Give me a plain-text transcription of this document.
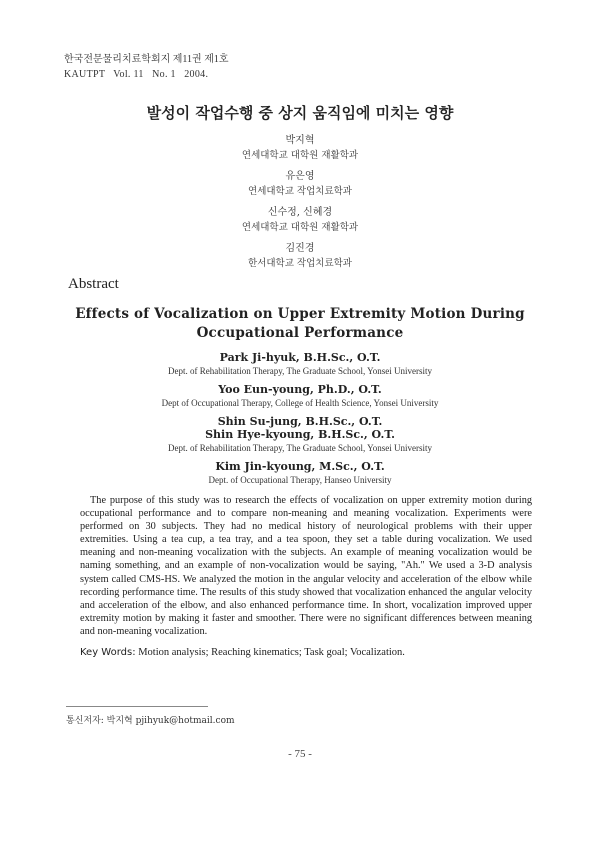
한국전문물리치료학회지 제11권 제1호
KAUTPT   Vol. 11   No. 1   2004.
발성이 작업수행 중 상지 움직임에 미치는 영향
박지혁
연세대학교 대학원 재활학과
유은영
연세대학교 작업치료학과
신수정, 신혜경
연세대학교 대학원 재활학과
김진경
한서대학교 작업치료학과
Abstract
Effects of Vocalization on Upper Extremity Motion During
Occupational Performance
Park Ji-hyuk, B.H.Sc., O.T.
Dept. of Rehabilitation Therapy, The Graduate School, Yonsei University
Yoo Eun-young, Ph.D., O.T.
Dept of Occupational Therapy, College of Health Science, Yonsei University
Shin Su-jung, B.H.Sc., O.T.
Shin Hye-kyoung, B.H.Sc., O.T.
Dept. of Rehabilitation Therapy, The Graduate School, Yonsei University
Kim Jin-kyoung, M.Sc., O.T.
Dept. of Occupational Therapy, Hanseo University
The purpose of this study was to research the effects of vocalization on upper extremity motion during occupational performance and to compare non-meaning and meaning vocalization. Experiments were performed on 30 subjects. They had no medical history of neurological problems with their upper extremities. Using a tea cup, a tea tray, and a tea spoon, they set a table during vocalization. We used meaning and non-meaning vocalization with the subjects. An example of meaning vocalization would be naming something, and an example of non-vocalization would be saying, "Ah." We used a 3-D analysis system called CMS-HS. We analyzed the motion in the angular velocity and acceleration of the elbow while recording performance time. The results of this study showed that vocalization enhanced the angular velocity and acceleration of the elbow, and also enhanced performance time. In short, vocalization improved upper extremity motion by making it faster and smoother. There were no significant differences between meaning and non-meaning vocalization.
Key Words: Motion analysis; Reaching kinematics; Task goal; Vocalization.
통신저자: 박지혁 pjihyuk@hotmail.com
- 75 -
